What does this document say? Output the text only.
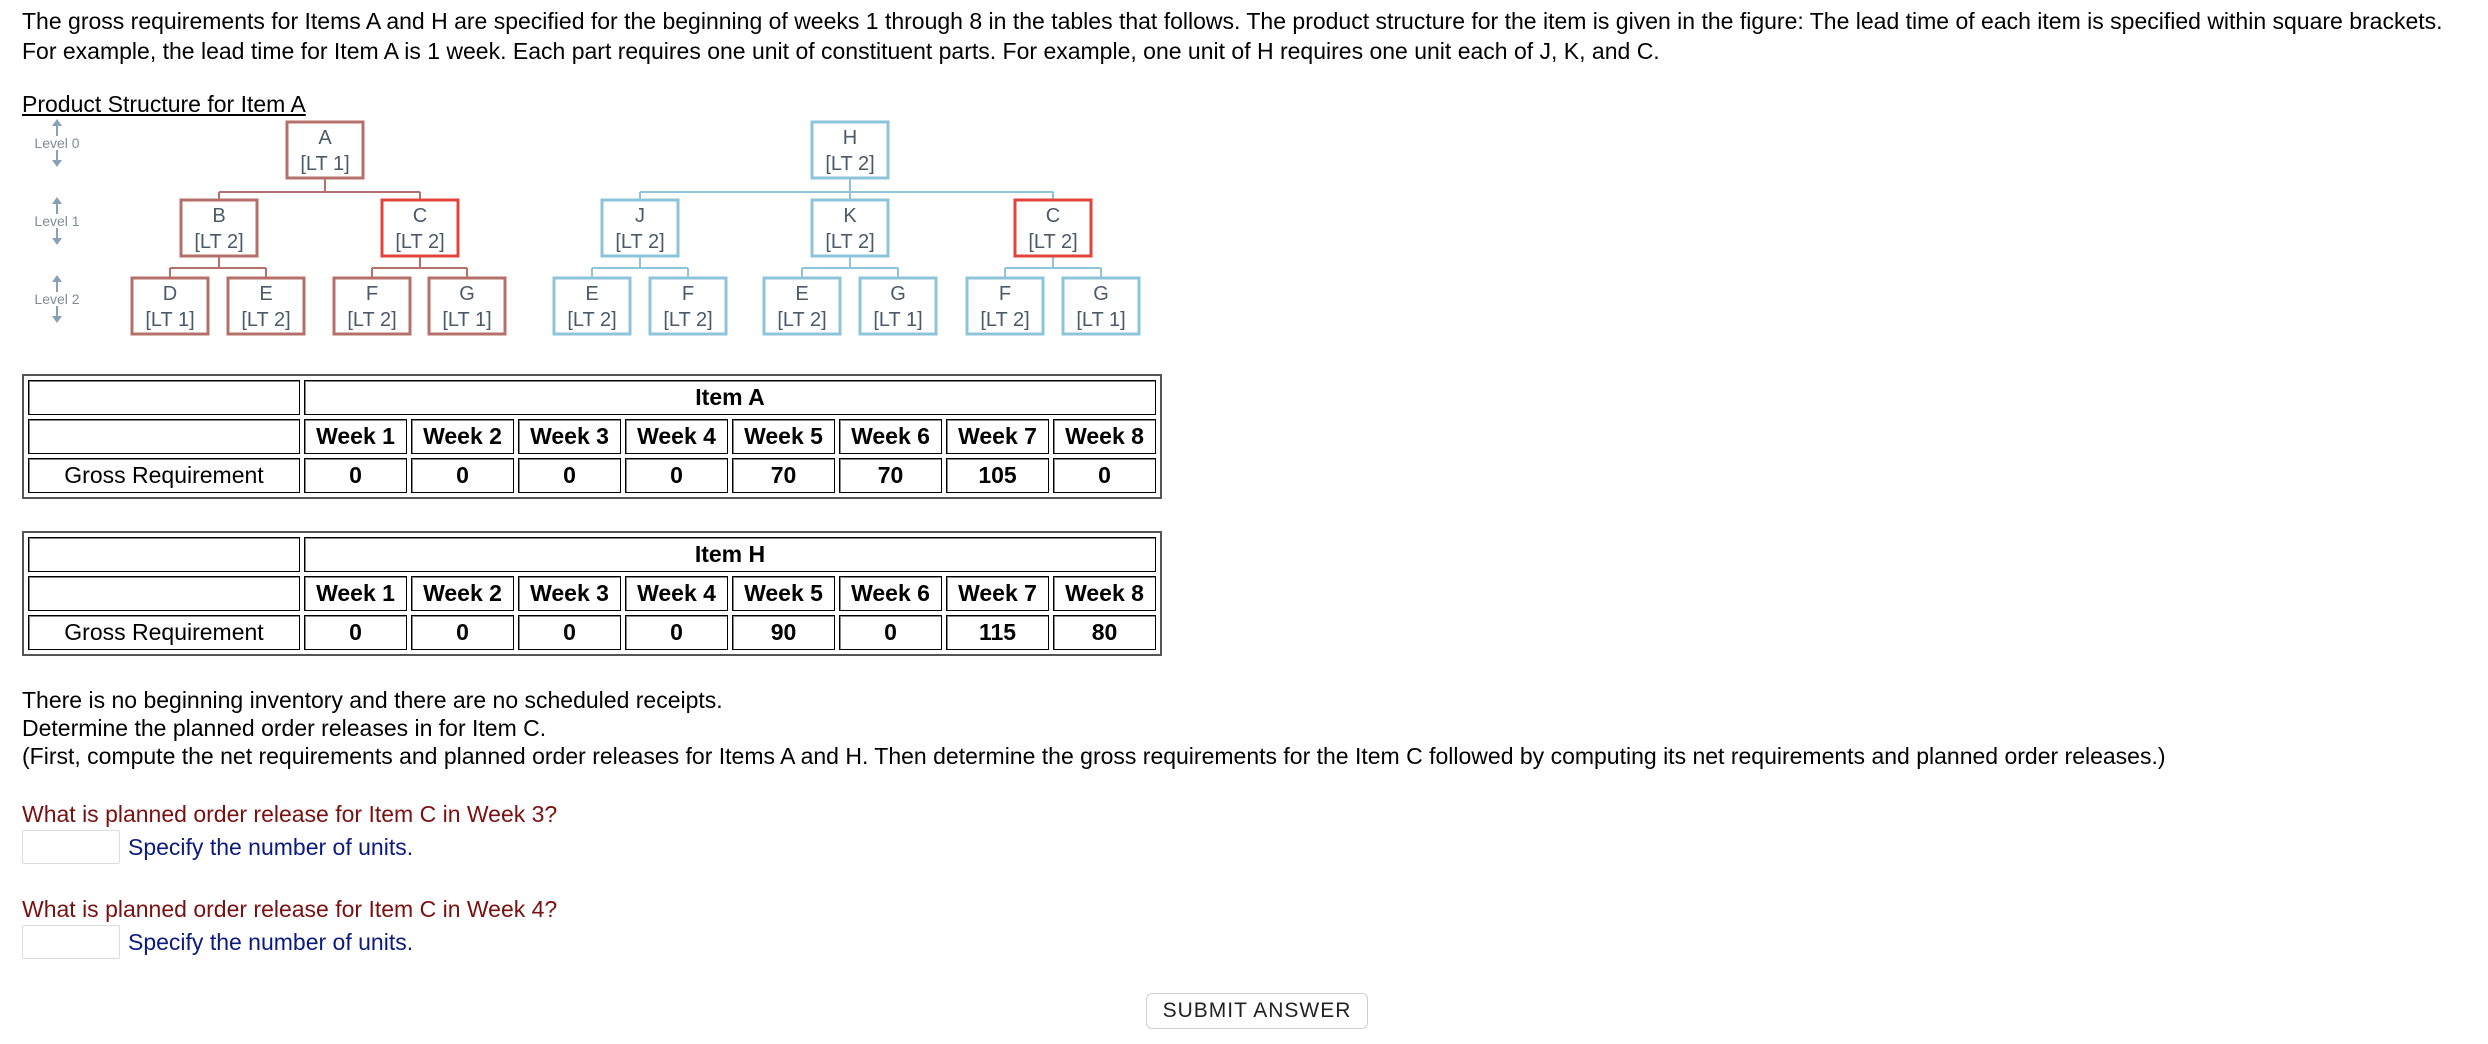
The gross requirements for Items A and H are specified for the beginning of weeks 1 through 8 in the tables that follows. The product structure for the item is given in the figure: The lead time of each item is specified within square brackets. For example, the lead time for Item A is 1 week. Each part requires one unit of constituent parts. For example, one unit of H requires one unit each of J, K, and C.
Product Structure for Item A
Level 0
Level 1
Level 2
A
[LT 1]
H
[LT 2]
B
[LT 2]
C
[LT 2]
J
[LT 2]
K
[LT 2]
C
[LT 2]
D
[LT 1]
E
[LT 2]
F
[LT 2]
G
[LT 1]
E
[LT 2]
F
[LT 2]
E
[LT 2]
G
[LT 1]
F
[LT 2]
G
[LT 1]
	Item A							
	Week 1	Week 2	Week 3	Week 4	Week 5	Week 6	Week 7	Week 8
Gross Requirement	0	0	0	0	70	70	105	0
	Item H							
	Week 1	Week 2	Week 3	Week 4	Week 5	Week 6	Week 7	Week 8
Gross Requirement	0	0	0	0	90	0	115	80
There is no beginning inventory and there are no scheduled receipts.
Determine the planned order releases in for Item C.
(First, compute the net requirements and planned order releases for Items A and H. Then determine the gross requirements for the Item C followed by computing its net requirements and planned order releases.)
What is planned order release for Item C in Week 3?
Specify the number of units.
What is planned order release for Item C in Week 4?
Specify the number of units.
SUBMIT ANSWER
